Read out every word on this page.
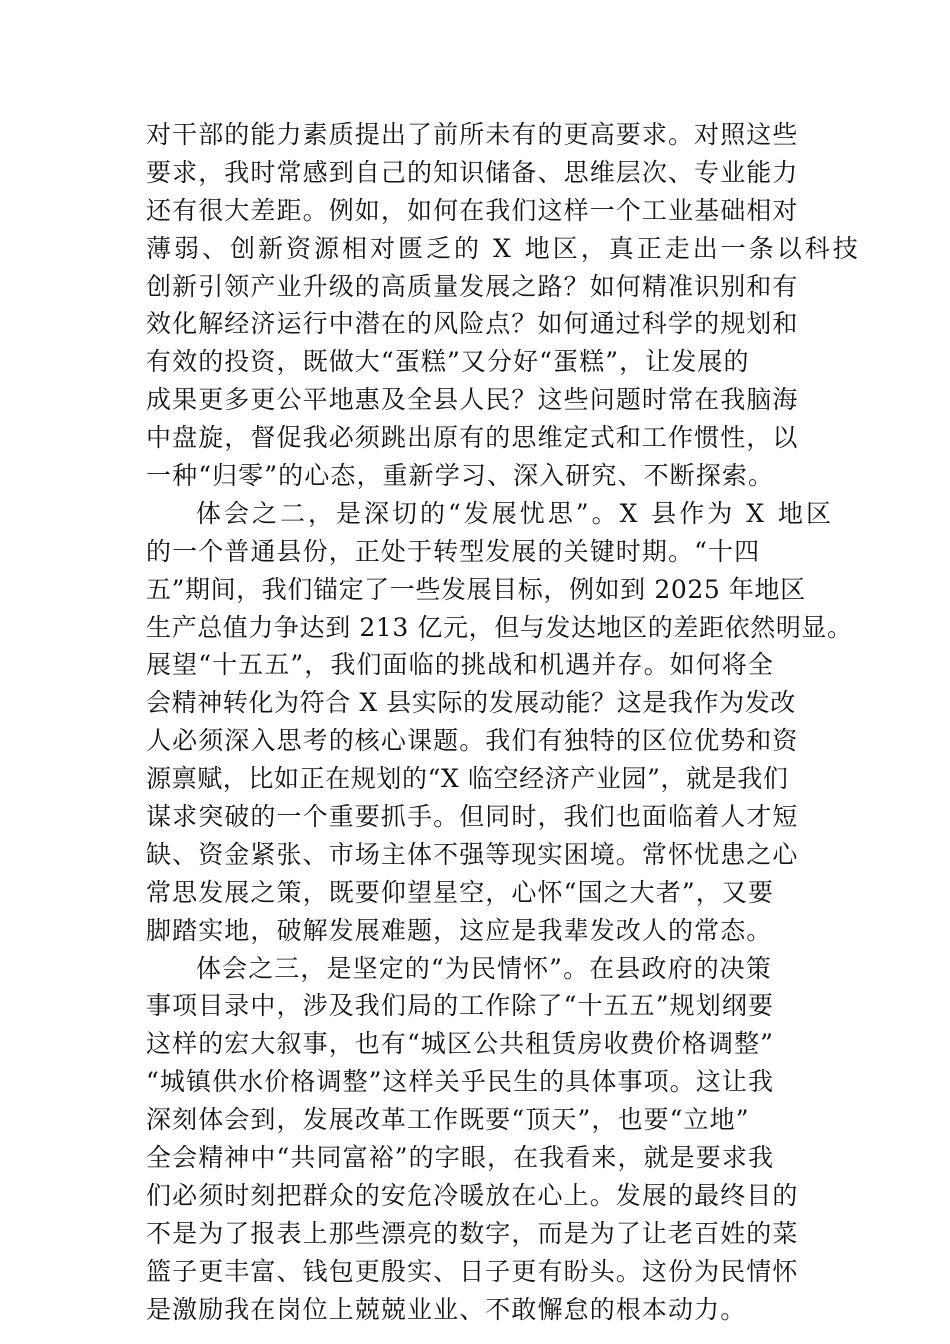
对干部的能力素质提出了前所未有的更高要求。对照这些
要求，我时常感到自己的知识储备、思维层次、专业能力
还有很大差距。例如，如何在我们这样一个工业基础相对
薄弱、创新资源相对匮乏的 X 地区，真正走出一条以科技
创新引领产业升级的高质量发展之路？如何精准识别和有
效化解经济运行中潜在的风险点？如何通过科学的规划和
有效的投资，既做大“蛋糕”又分好“蛋糕”，让发展的
成果更多更公平地惠及全县人民？这些问题时常在我脑海
中盘旋，督促我必须跳出原有的思维定式和工作惯性，以
一种“归零”的心态，重新学习、深入研究、不断探索。
体会之二，是深切的“发展忧思”。X 县作为 X 地区
的一个普通县份，正处于转型发展的关键时期。“十四
五”期间，我们锚定了一些发展目标，例如到 2025 年地区
生产总值力争达到 213 亿元，但与发达地区的差距依然明显。
展望“十五五”，我们面临的挑战和机遇并存。如何将全
会精神转化为符合 X 县实际的发展动能？这是我作为发改
人必须深入思考的核心课题。我们有独特的区位优势和资
源禀赋，比如正在规划的“X 临空经济产业园”，就是我们
谋求突破的一个重要抓手。但同时，我们也面临着人才短
缺、资金紧张、市场主体不强等现实困境。常怀忧患之心
常思发展之策，既要仰望星空，心怀“国之大者”，又要
脚踏实地，破解发展难题，这应是我辈发改人的常态。
体会之三，是坚定的“为民情怀”。在县政府的决策
事项目录中，涉及我们局的工作除了“十五五”规划纲要
这样的宏大叙事，也有“城区公共租赁房收费价格调整”
“城镇供水价格调整”这样关乎民生的具体事项。这让我
深刻体会到，发展改革工作既要“顶天”，也要“立地”
全会精神中“共同富裕”的字眼，在我看来，就是要求我
们必须时刻把群众的安危冷暖放在心上。发展的最终目的
不是为了报表上那些漂亮的数字，而是为了让老百姓的菜
篮子更丰富、钱包更殷实、日子更有盼头。这份为民情怀
是激励我在岗位上兢兢业业、不敢懈怠的根本动力。
